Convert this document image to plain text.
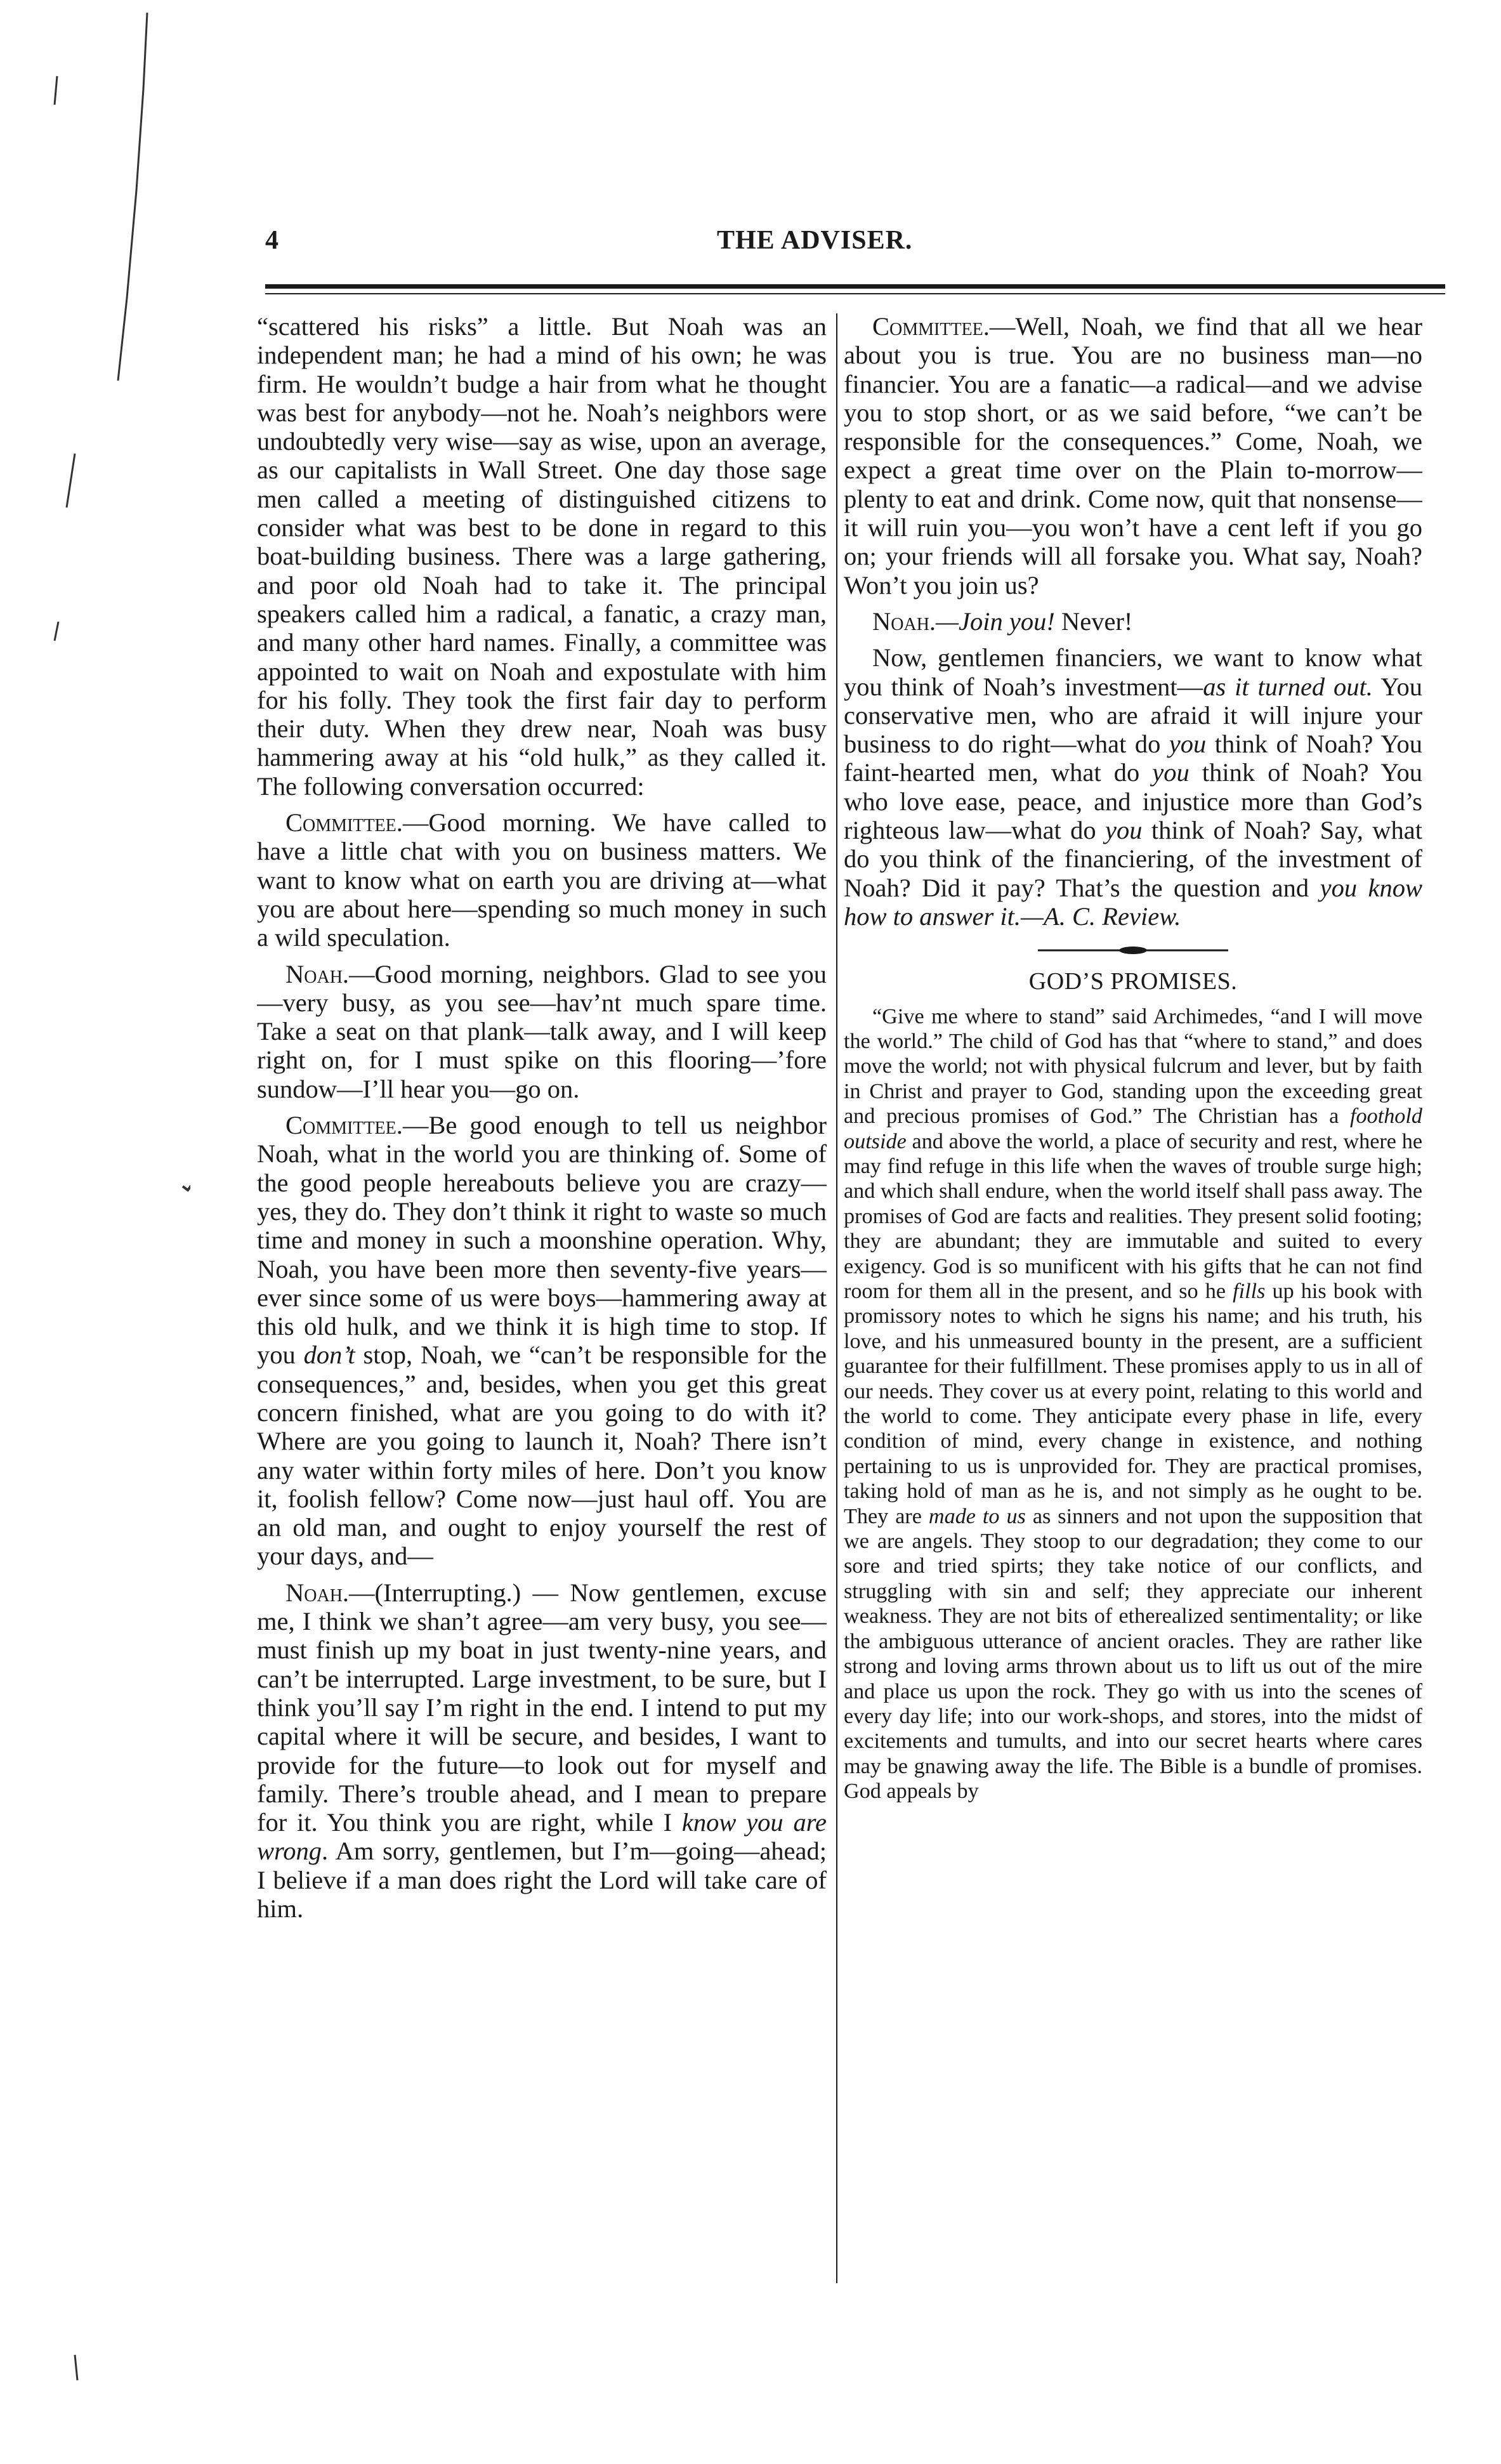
4	THE ADVISER.

“scattered his risks” a little. But Noah was an independent man; he had a mind of his own; he was firm. He wouldn’t budge a hair from what he thought was best for anybody—not he. Noah’s neighbors were undoubtedly very wise—say as wise, upon an average, as our capitalists in Wall Street. One day those sage men called a meeting of distinguished citizens to consider what was best to be done in regard to this boat-building business. There was a large gathering, and poor old Noah had to take it. The principal speakers called him a radical, a fanatic, a crazy man, and many other hard names. Finally, a committee was appointed to wait on Noah and expostulate with him for his folly. They took the first fair day to perform their duty. When they drew near, Noah was busy hammering away at his “old hulk,” as they called it. The following conversation occurred:

Committee.—Good morning. We have called to have a little chat with you on business matters. We want to know what on earth you are driving at—what you are about here—spending so much money in such a wild speculation.

Noah.—Good morning, neighbors. Glad to see you—very busy, as you see—hav’nt much spare time. Take a seat on that plank—talk away, and I will keep right on, for I must spike on this flooring—’fore sundow—I’ll hear you—go on.

Committee.—Be good enough to tell us neighbor Noah, what in the world you are thinking of. Some of the good people hereabouts believe you are crazy—yes, they do. They don’t think it right to waste so much time and money in such a moonshine operation. Why, Noah, you have been more then seventy-five years—ever since some of us were boys—hammering away at this old hulk, and we think it is high time to stop. If you don’t stop, Noah, we “can’t be responsible for the consequences,” and, besides, when you get this great concern finished, what are you going to do with it? Where are you going to launch it, Noah? There isn’t any water within forty miles of here. Don’t you know it, foolish fellow? Come now—just haul off. You are an old man, and ought to enjoy yourself the rest of your days, and—

Noah.—(Interrupting.) — Now gentlemen, excuse me, I think we shan’t agree—am very busy, you see—must finish up my boat in just twenty-nine years, and can’t be interrupted. Large investment, to be sure, but I think you’ll say I’m right in the end. I intend to put my capital where it will be secure, and besides, I want to provide for the future—to look out for myself and family. There’s trouble ahead, and I mean to prepare for it. You think you are right, while I know you are wrong. Am sorry, gentlemen, but I’m—going—ahead; I believe if a man does right the Lord will take care of him.

Committee.—Well, Noah, we find that all we hear about you is true. You are no business man—no financier. You are a fanatic—a radical—and we advise you to stop short, or as we said before, “we can’t be responsible for the consequences.” Come, Noah, we expect a great time over on the Plain to-morrow—plenty to eat and drink. Come now, quit that nonsense—it will ruin you—you won’t have a cent left if you go on; your friends will all forsake you. What say, Noah? Won’t you join us?

Noah.—Join you! Never!

Now, gentlemen financiers, we want to know what you think of Noah’s investment—as it turned out. You conservative men, who are afraid it will injure your business to do right—what do you think of Noah? You faint-hearted men, what do you think of Noah? You who love ease, peace, and injustice more than God’s righteous law—what do you think of Noah? Say, what do you think of the financiering, of the investment of Noah? Did it pay? That’s the question and you know how to answer it.—A. C. Review.

GOD’S PROMISES.

“Give me where to stand” said Archimedes, “and I will move the world.” The child of God has that “where to stand,” and does move the world; not with physical fulcrum and lever, but by faith in Christ and prayer to God, standing upon the exceeding great and precious promises of God.” The Christian has a foothold outside and above the world, a place of security and rest, where he may find refuge in this life when the waves of trouble surge high; and which shall endure, when the world itself shall pass away. The promises of God are facts and realities. They present solid footing; they are abundant; they are immutable and suited to every exigency. God is so munificent with his gifts that he can not find room for them all in the present, and so he fills up his book with promissory notes to which he signs his name; and his truth, his love, and his unmeasured bounty in the present, are a sufficient guarantee for their fulfillment. These promises apply to us in all of our needs. They cover us at every point, relating to this world and the world to come. They anticipate every phase in life, every condition of mind, every change in existence, and nothing pertaining to us is unprovided for. They are practical promises, taking hold of man as he is, and not simply as he ought to be. They are made to us as sinners and not upon the supposition that we are angels. They stoop to our degradation; they come to our sore and tried spirts; they take notice of our conflicts, and struggling with sin and self; they appreciate our inherent weakness. They are not bits of etherealized sentimentality; or like the ambiguous utterance of ancient oracles. They are rather like strong and loving arms thrown about us to lift us out of the mire and place us upon the rock. They go with us into the scenes of every day life; into our work-shops, and stores, into the midst of excitements and tumults, and into our secret hearts where cares may be gnawing away the life. The Bible is a bundle of promises. God appeals by
